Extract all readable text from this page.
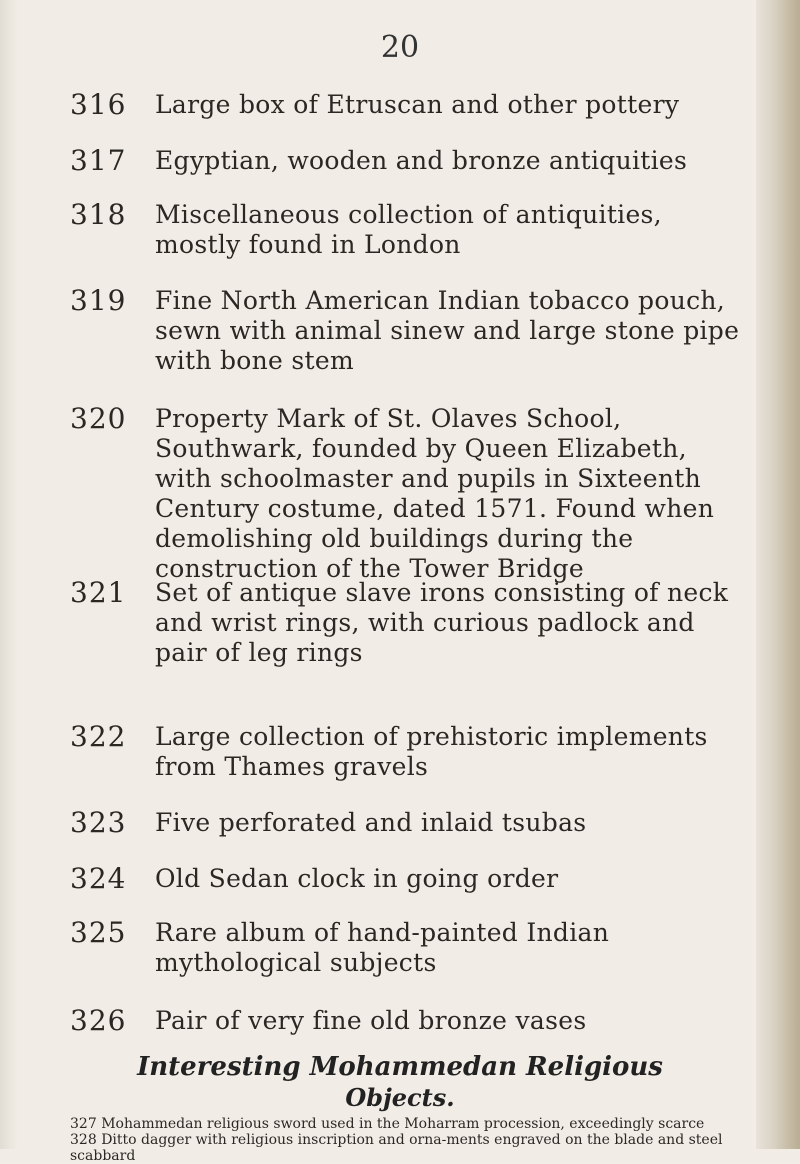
20
316	Large box of Etruscan and other pottery
317	Egyptian, wooden and bronze antiquities
318	Miscellaneous collection of antiquities, mostly found in London
319	Fine North American Indian tobacco pouch, sewn with animal sinew and large stone pipe with bone stem
320	Property Mark of St. Olaves School, Southwark, founded by Queen Elizabeth, with schoolmaster and pupils in Sixteenth Century costume, dated 1571. Found when demolishing old buildings during the construction of the Tower Bridge
321	Set of antique slave irons consisting of neck and wrist rings, with curious padlock and pair of leg rings
322	Large collection of prehistoric implements from Thames gravels
323	Five perforated and inlaid tsubas
324	Old Sedan clock in going order
325	Rare album of hand-painted Indian mythological subjects
326	Pair of very fine old bronze vases
Interesting Mohammedan Religious
Objects.
327 Mohammedan religious sword used in the Moharram procession, exceedingly scarce
328 Ditto dagger with religious inscription and orna-ments engraved on the blade and steel scabbard
